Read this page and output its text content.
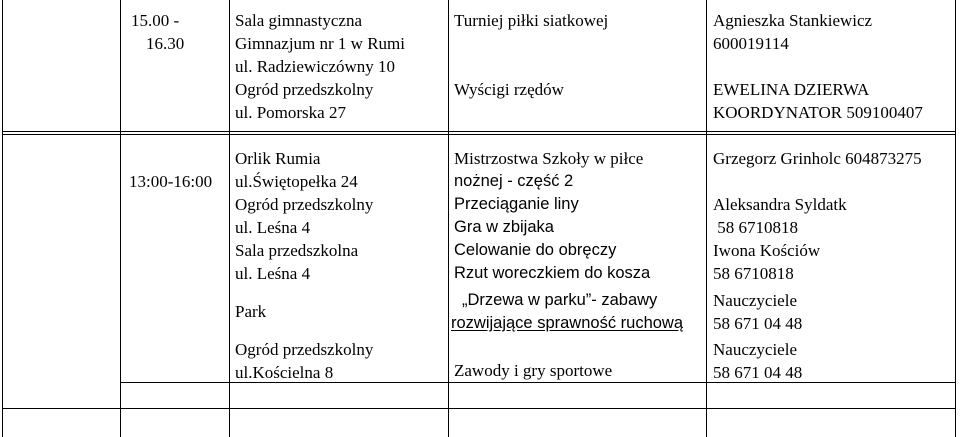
15.00 -
16.30
Sala gimnastyczna
Gimnazjum nr 1 w Rumi
ul. Radziewiczówny 10
Ogród przedszkolny
ul. Pomorska 27
Turniej piłki siatkowej
Wyścigi rzędów
Agnieszka Stankiewicz
600019114
EWELINA DZIERWA
KOORDYNATOR 509100407
13:00-16:00
Orlik Rumia
ul.Świętopełka 24
Ogród przedszkolny
ul. Leśna 4
Sala przedszkolna
ul. Leśna 4
Park
Ogród przedszkolny
ul.Kościelna 8
Mistrzostwa Szkoły w piłce
nożnej - część 2
Przeciąganie liny
Gra w zbijaka
Celowanie do obręczy
Rzut woreczkiem do kosza
„Drzewa w parku”- zabawy
rozwijające sprawność ruchową
Zawody i gry sportowe
Grzegorz Grinholc 604873275
Aleksandra Syldatk
58 6710818
Iwona Kościów
58 6710818
Nauczyciele
58 671 04 48
Nauczyciele
58 671 04 48
